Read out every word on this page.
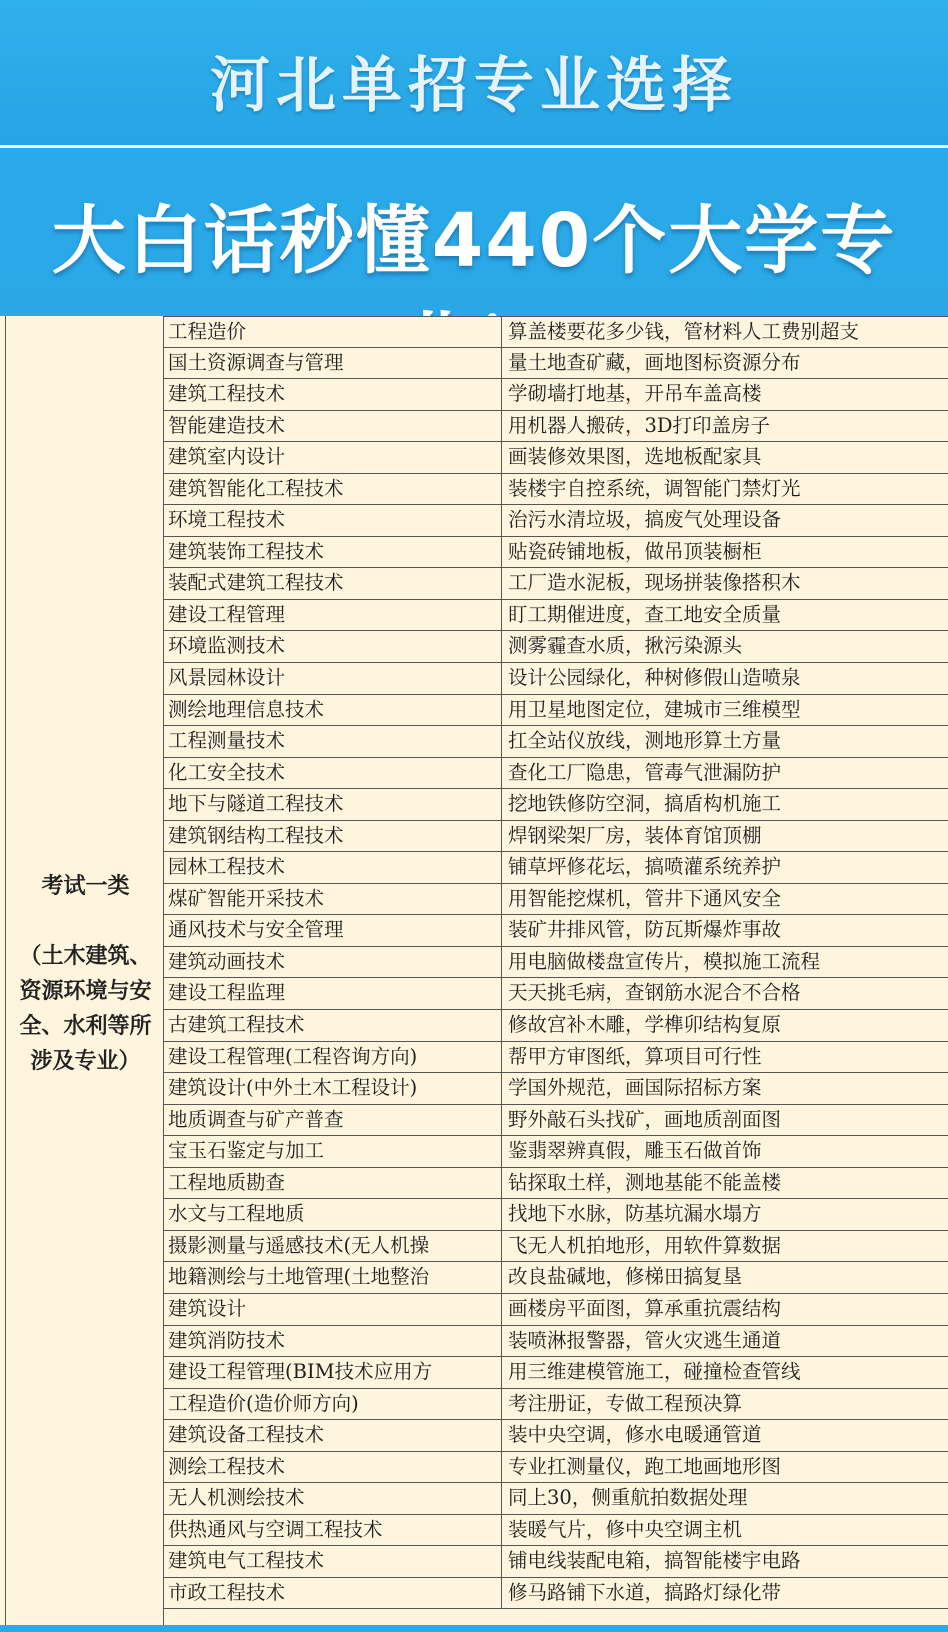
河北单招专业选择
大白话秒懂440个大学专
考试一类
（土木建筑、资源环境与安全、水利等所涉及专业）
工程造价	算盖楼要花多少钱，管材料人工费别超支
国土资源调查与管理	量土地查矿藏，画地图标资源分布
建筑工程技术	学砌墙打地基，开吊车盖高楼
智能建造技术	用机器人搬砖，3D打印盖房子
建筑室内设计	画装修效果图，选地板配家具
建筑智能化工程技术	装楼宇自控系统，调智能门禁灯光
环境工程技术	治污水清垃圾，搞废气处理设备
建筑装饰工程技术	贴瓷砖铺地板，做吊顶装橱柜
装配式建筑工程技术	工厂造水泥板，现场拼装像搭积木
建设工程管理	盯工期催进度，查工地安全质量
环境监测技术	测雾霾查水质，揪污染源头
风景园林设计	设计公园绿化，种树修假山造喷泉
测绘地理信息技术	用卫星地图定位，建城市三维模型
工程测量技术	扛全站仪放线，测地形算土方量
化工安全技术	查化工厂隐患，管毒气泄漏防护
地下与隧道工程技术	挖地铁修防空洞，搞盾构机施工
建筑钢结构工程技术	焊钢梁架厂房，装体育馆顶棚
园林工程技术	铺草坪修花坛，搞喷灌系统养护
煤矿智能开采技术	用智能挖煤机，管井下通风安全
通风技术与安全管理	装矿井排风管，防瓦斯爆炸事故
建筑动画技术	用电脑做楼盘宣传片，模拟施工流程
建设工程监理	天天挑毛病，查钢筋水泥合不合格
古建筑工程技术	修故宫补木雕，学榫卯结构复原
建设工程管理(工程咨询方向)	帮甲方审图纸，算项目可行性
建筑设计(中外土木工程设计)	学国外规范，画国际招标方案
地质调查与矿产普查	野外敲石头找矿，画地质剖面图
宝玉石鉴定与加工	鉴翡翠辨真假，雕玉石做首饰
工程地质勘查	钻探取土样，测地基能不能盖楼
水文与工程地质	找地下水脉，防基坑漏水塌方
摄影测量与遥感技术(无人机操	飞无人机拍地形，用软件算数据
地籍测绘与土地管理(土地整治	改良盐碱地，修梯田搞复垦
建筑设计	画楼房平面图，算承重抗震结构
建筑消防技术	装喷淋报警器，管火灾逃生通道
建设工程管理(BIM技术应用方	用三维建模管施工，碰撞检查管线
工程造价(造价师方向)	考注册证，专做工程预决算
建筑设备工程技术	装中央空调，修水电暖通管道
测绘工程技术	专业扛测量仪，跑工地画地形图
无人机测绘技术	同上30，侧重航拍数据处理
供热通风与空调工程技术	装暖气片，修中央空调主机
建筑电气工程技术	铺电线装配电箱，搞智能楼宇电路
市政工程技术	修马路铺下水道，搞路灯绿化带
